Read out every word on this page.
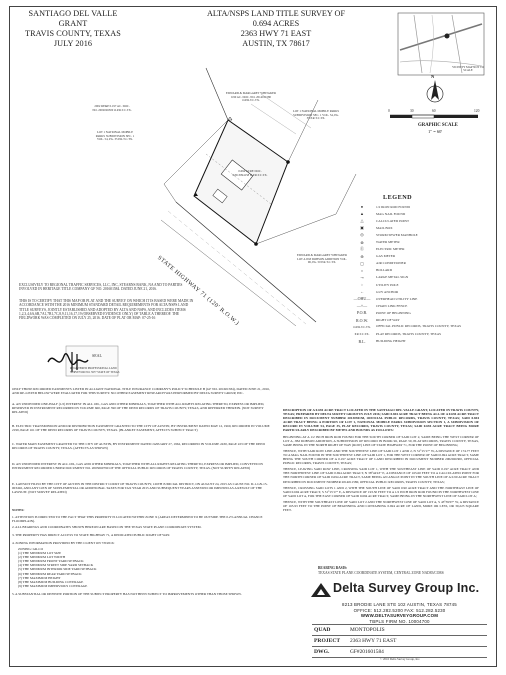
SANTIAGO DEL VALLE GRANT
TRAVIS COUNTY, TEXAS
JULY 2016
ALTA/NSPS LAND TITLE SURVEY OF
0.694 ACRES
2363 HWY 71 EAST
AUSTIN, TX 78617
VICINITY MAP NOT TO SCALE
N
0	30	60	120
GRAPHIC SCALE
1" = 60'
LOT 1 NATIONAL MOBILE PARKS SUBDIVISION SEC. 1 VOL. 54, PG. 35 P.R.T.C.TX.
2002 RE&P 0.197 AC. DOC. NO. 2002026300 O.P.R.T.C.TX.
EDWARD & MARGARET WHITAKER 0.90 AC. DOC. NO. 2014011580 O.P.R.T.C.TX.
LOT 1 NATIONAL MOBILE PARKS SUBDIVISION SEC. 1 VOL. 54, PG. 35 P.R.T.C.TX.
0.694 ACRE DOC. #2013094158 O.P.R.T.C.TX.
STATE HIGHWAY 71 (120' R.O.W.)	EDWARD & MARGARET WHITAKER LOT A JIM DOBSON ADDITION VOL. 96, PG. 50 P.R.T.C.TX.
LEGEND
●	1/2 IRON ROD FOUND
▲	MAG NAIL FOUND
△	CALCULATED POINT
▣	MAIL BOX
◎	STORM SEWER MANHOLE
⊗	WATER METER
Ⓔ	ELECTRIC METER
⊕	GAS METER
▢	AIR CONDITIONER
○	BOLLARD
⊸	LARGE METAL SIGN
◌	UTILITY POLE
←	GUY ANCHOR
—OHU—	OVERHEAD UTILITY LINE
—×—	CHAIN LINK FENCE
P.O.B.	POINT OF BEGINNING
R.O.W.	RIGHT OF WAY
O.P.R.T.C.TX.	OFFICIAL PUBLIC RECORDS, TRAVIS COUNTY, TEXAS
P.R.T.C.TX.	PLAT RECORDS, TRAVIS COUNTY, TEXAS
B.L.	BUILDING HEIGHT
EXCLUSIVELY TO REGIONAL TRAFFIC SERVICES, LLC, INC, STEARNS BANK, NA AND TO PARTIES INVOLVED IN HERITAGE TITLE COMPANY GF NO. 201601584. DATED JUNE 21, 2016.
THIS IS TO CERTIFY THAT THIS MAP OR PLAT AND THE SURVEY ON WHICH IT IS BASED WERE MADE IN ACCORDANCE WITH THE 2016 MINIMUM STANDARD DETAIL REQUIREMENTS FOR ALTA/NSPS LAND TITLE SURVEYS, JOINTLY ESTABLISHED AND ADOPTED BY ALTA AND NSPS, AND INCLUDES ITEMS 1,2,3,4,6A,6B,7A1,7B1,7C,8,9,11,16,17,19 (OBSERVED EVIDENCE ONLY) OF TABLE A THEREOF. THE FIELDWORK WAS COMPLETED ON JULY 25, 2016. DATE OF PLAT OR MAP: 07-25-16
SEAL
REGISTERED PROFESSIONAL LAND SURVEYOR NO. 5977 STATE OF TEXAS
ONLY THOSE RECORDED EASEMENTS LISTED IN ALLIANT NATIONAL TITLE INSURANCE COMPANY'S POLICY SCHEDULE B (GF NO. 201601584), DATED JUNE 21, 2016, AND RE-LISTED BELOW WERE EVALUATED FOR THIS SURVEY. NO OTHER EASEMENT RESEARCH WAS PERFORMED BY DELTA SURVEY GROUP, INC.
A. AN UNDIVIDED ONE-HALF (1/2) INTEREST IN ALL OIL, GAS AND OTHER MINERALS, TOGETHER WITH ALL RIGHTS RELATING THERETO, EXPRESS OR IMPLIED, RESERVED IN INSTRUMENT RECORDED IN VOLUME 660, PAGE 390 OF THE DEED RECORDS OF TRAVIS COUNTY, TEXAS, AND REFERRED THEREIN. (NOT SURVEY RELATED)
B. ELECTRIC TRANSMISSION AND/OR DISTRIBUTION EASEMENT GRANTED TO THE CITY OF AUSTIN, BY INSTRUMENT DATED MAY 12, 1960, RECORDED IN VOLUME 2199, PAGE 161 OF THE DEED RECORDS OF TRAVIS COUNTY, TEXAS. (BLANKET EASEMENT, AFFECTS SUBJECT TRACT)
C. WATER MAIN EASEMENT GRANTED TO THE CITY OF AUSTIN, BY INSTRUMENT DATED JANUARY 27, 1962, RECORDED IN VOLUME 2430, PAGE 223 OF THE DEED RECORDS OF TRAVIS COUNTY, TEXAS. (AFFECTS AS SHOWN)
D. AN UNDIVIDED INTEREST IN ALL OIL, GAS AND OTHER MINERALS, TOGETHER WITH ALL RIGHTS RELATING THERETO, EXPRESS OR IMPLIED, CONVEYED IN INSTRUMENT RECORDED UNDER DOCUMENT NO. 2003060790 OF THE OFFICIAL PUBLIC RECORDS OF TRAVIS COUNTY, TEXAS. (NOT SURVEY RELATED)
E. LAWSUIT FILED BY THE CITY OF AUSTIN IN THE DISTRICT COURT OF TRAVIS COUNTY, 126TH JUDICIAL DISTRICT, ON AUGUST 24, 2015 AS CAUSE NO. D-1-GN-15-003492, AND ANY LIEN OF SUPPLEMENTAL OR ADDITIONAL TAXES FOR TAX YEAR 2015 AND SUBSEQUENT YEARS ASSESSED OR IMPOSED AS A RESULT OF THE LAWSUIT. (NOT SURVEY RELATED)
NOTES:
1. ATTENTION IS DIRECTED TO THE FACT THAT THIS PROPERTY IS LOCATED WITHIN ZONE X (AREAS DETERMINED TO BE OUTSIDE THE 0.2% ANNUAL CHANCE FLOODPLAIN).
2. ALL BEARINGS AND COORDINATES SHOWN HEREON ARE BASED ON THE TEXAS STATE PLANE COORDINATE SYSTEM.
3. THE PROPERTY HAS DIRECT ACCESS TO STATE HIGHWAY 71, A DEDICATED PUBLIC RIGHT OF WAY.
4. ZONING INFORMATION PROVIDED BY THE CLIENT ON 7/8/2016:
ZONING: GR-CO
(1) THE MINIMUM LOT SIZE
(2) THE MINIMUM LOT WIDTH
(3) THE MINIMUM FRONT YARD SETBACK
(4) THE MINIMUM STREET SIDE YARD SETBACK
(5) THE MINIMUM INTERIOR SIDE YARD SETBACK
(6) THE MINIMUM REAR YARD SETBACK
(7) THE MAXIMUM HEIGHT
(8) THE MAXIMUM BUILDING COVERAGE
(9) THE MAXIMUM IMPERVIOUS COVERAGE
5. A SUBSTANTIAL OR DEFINITE PORTION OF THE SUBJECT PROPERTY HAS NOT BEEN SUBJECT TO IMPROVEMENTS OTHER THAN THOSE SHOWN.
DESCRIPTION OF A 0.694 ACRE TRACT LOCATED IN THE SANTIAGO DEL VALLE GRANT, LOCATED IN TRAVIS COUNTY, TEXAS; PREPARED BY DELTA SURVEY GROUP IN JULY 2016; SAID 0.694 ACRE TRACT BEING ALL OF A 0.694 ACRE TRACT DESCRIBED IN DOCUMENT NUMBER 2013094158, OFFICIAL PUBLIC RECORDS, TRAVIS COUNTY, TEXAS; SAID 0.694 ACRE TRACT BEING A PORTION OF LOT 1, NATIONAL MOBILE PARKS SUBDIVISION SECTION 1, A SUBDIVISION OF RECORD IN VOLUME 54, PAGE 35, PLAT RECORDS, TRAVIS COUNTY, TEXAS; SAID 0.694 ACRE TRACT BEING MORE PARTICULARLY DESCRIBED BY METES AND BOUNDS AS FOLLOWS:
BEGINNING AT A 1/2 INCH IRON ROD FOUND FOR THE SOUTH CORNER OF SAID LOT 2, SAME BEING THE WEST CORNER OF LOT A, JIM DOBSON ADDITION, A SUBDIVISION OF RECORD IN BOOK 96, PAGE 50, PLAT RECORDS, TRAVIS COUNTY, TEXAS, SAME BEING IN THE NORTH RIGHT OF WAY (ROW) LINE OF STATE HIGHWAY 71, FOR THE POINT OF BEGINNING;
THENCE, WITH SAID ROW LINE AND THE SOUTHWEST LINE OF SAID LOT 1 AND 2, N 51°15'17" W, A DISTANCE OF 174.77 FEET TO A MAG NAIL FOUND IN THE SOUTHWEST LINE OF SAID LOT 1, FOR THE WEST CORNER OF SAID 0.694 ACRE TRACT, SAME BEING THE SOUTH CORNER OF A 0.197 ACRE TRACT OF LAND DESCRIBED IN DOCUMENT NUMBER 2002026300, OFFICIAL PUBLIC RECORDS, TRAVIS COUNTY, TEXAS;
THENCE, LEAVING SAID ROW LINE, CROSSING SAID LOT 1, WITH THE SOUTHEAST LINE OF SAID 0.197 ACRE TRACT AND THE NORTHWEST LINE OF SAID 0.694 ACRE TRACT, N 38°44'43" E, A DISTANCE OF 165.60 FEET TO A CALCULATED POINT FOR THE NORTH CORNER OF SAID 0.694 ACRE TRACT, SAME BEING AN ANGLE POINT IN THE SOUTH LINE OF A 0.90 ACRE TRACT DESCRIBED IN DOCUMENT NUMBER 2014011580, OFFICIAL PUBLIC RECORDS, TRAVIS COUNTY, TEXAS;
THENCE, CROSSING SAID LOTS 1 AND 2, WITH THE SOUTH LINE OF SAID 0.90 ACRE TRACT AND THE NORTHEAST LINE OF SAID 0.694 ACRE TRACT, S 51°15'17" E, A DISTANCE OF 193.50 FEET TO A 1/2 INCH IRON ROD FOUND IN THE NORTHWEST LINE OF SAID LOT A, FOR THE EAST CORNER OF SAID 0.694 ACRE TRACT, SAME BEING IN THE NORTHWEST LINE OF SAID LOT A;
THENCE, WITH THE SOUTHEAST LINE OF SAID LOT 2 AND THE NORTHWEST LINE OF SAID LOT A, S 43°39'07" W, A DISTANCE OF 165.93 FEET TO THE POINT OF BEGINNING AND CONTAINING 0.694 ACRE OF LAND, MORE OR LESS, OR 30,223 SQUARE FEET.
BEARING BASIS:
TEXAS STATE PLANE COORDINATE SYSTEM, CENTRAL ZONE NAD83/CORS
Delta Survey Group Inc.
8213 BRODIE LANE STE 102 AUSTIN, TEXAS 78745
OFFICE: 512.282.5200 FAX: 512.282.5230
WWW.DELTASURVEYGROUP.COM
TBPLS FIRM NO. 10004700
QUAD	MONTOPOLIS
PROJECT	2363 HWY 71 EAST
DWG.	GF#201601584
© 2016 Delta Survey Group, Inc.
